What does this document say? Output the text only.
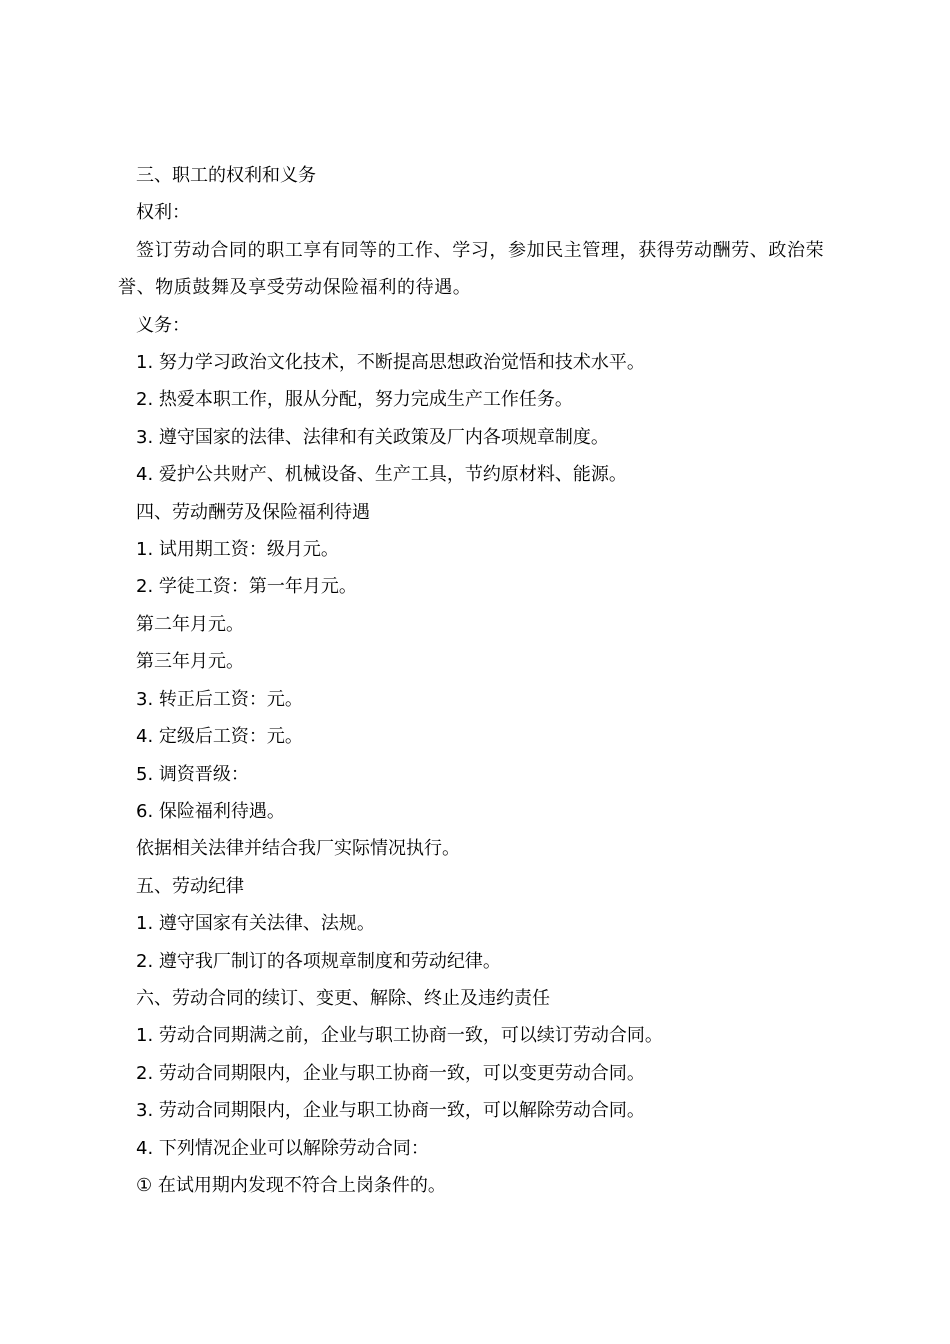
三、职工的权利和义务

权利：

签订劳动合同的职工享有同等的工作、学习，参加民主管理，获得劳动酬劳、政治荣誉、物质鼓舞及享受劳动保险福利的待遇。

义务：

1. 努力学习政治文化技术，不断提高思想政治觉悟和技术水平。

2. 热爱本职工作，服从分配，努力完成生产工作任务。

3. 遵守国家的法律、法律和有关政策及厂内各项规章制度。

4. 爱护公共财产、机械设备、生产工具，节约原材料、能源。

四、劳动酬劳及保险福利待遇

1. 试用期工资：级月元。

2. 学徒工资：第一年月元。

第二年月元。

第三年月元。

3. 转正后工资：元。

4. 定级后工资：元。

5. 调资晋级：

6. 保险福利待遇。

依据相关法律并结合我厂实际情况执行。

五、劳动纪律

1. 遵守国家有关法律、法规。

2. 遵守我厂制订的各项规章制度和劳动纪律。

六、劳动合同的续订、变更、解除、终止及违约责任

1. 劳动合同期满之前，企业与职工协商一致，可以续订劳动合同。

2. 劳动合同期限内，企业与职工协商一致，可以变更劳动合同。

3. 劳动合同期限内，企业与职工协商一致，可以解除劳动合同。

4. 下列情况企业可以解除劳动合同：

① 在试用期内发现不符合上岗条件的。
